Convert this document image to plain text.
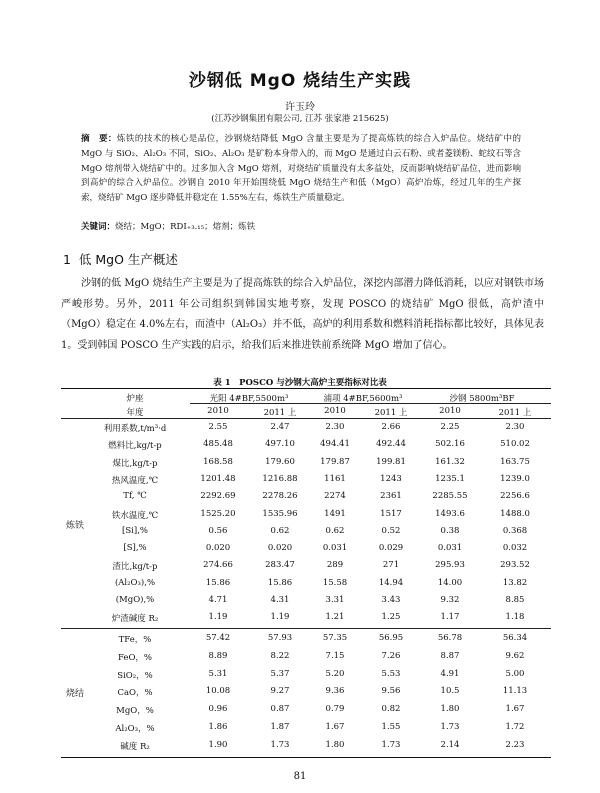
沙钢低 MgO 烧结生产实践
许玉玲
(江苏沙钢集团有限公司, 江苏 张家港 215625)
摘　要：炼铁的技术的核心是品位，沙钢烧结降低 MgO 含量主要是为了提高炼铁的综合入炉品位。烧结矿中的 MgO 与 SiO₂、Al₂O₃ 不同，SiO₂、Al₂O₃ 是矿粉本身带入的，而 MgO 是通过白云石粉、或者菱镁粉、蛇纹石等含 MgO 熔剂带入烧结矿中的。过多加入含 MgO 熔剂，对烧结矿质量没有太多益处，反而影响烧结矿品位，进而影响到高炉的综合入炉品位。沙钢自 2010 年开始围绕低 MgO 烧结生产和低（MgO）高炉冶炼，经过几年的生产探索，烧结矿 MgO 逐步降低并稳定在 1.55%左右，炼铁生产质量稳定。
关键词：烧结；MgO；RDI₊₃.₁₅；熔剂；炼铁
1 低 MgO 生产概述
沙钢的低 MgO 烧结生产主要是为了提高炼铁的综合入炉品位，深挖内部潜力降低消耗，以应对钢铁市场严峻形势。另外，2011 年公司组织到韩国实地考察，发现 POSCO 的烧结矿 MgO 很低，高炉渣中（MgO）稳定在 4.0%左右，而渣中（Al₂O₃）并不低，高炉的利用系数和燃料消耗指标都比较好，具体见表 1。受到韩国 POSCO 生产实践的启示，给我们后来推进铁前系统降 MgO 增加了信心。
表 1　POSCO 与沙钢大高炉主要指标对比表
炉座	光阳 4#BF,5500m³	浦项 4#BF,5600m³	沙钢 5800m³BF
年度	2010	2011 上	2010	2011 上	2010	2011 上
利用系数,t/m³·d	2.55	2.47	2.30	2.66	2.25	2.30
燃料比,kg/t-p	485.48	497.10	494.41	492.44	502.16	510.02
煤比,kg/t-p	168.58	179.60	179.87	199.81	161.32	163.75
热风温度,℃	1201.48	1216.88	1161	1243	1235.1	1239.0
Tf, ℃	2292.69	2278.26	2274	2361	2285.55	2256.6
铁水温度,℃	1525.20	1535.96	1491	1517	1493.6	1488.0
[Si],%	0.56	0.62	0.62	0.52	0.38	0.368
[S],%	0.020	0.020	0.031	0.029	0.031	0.032
渣比,kg/t-p	274.66	283.47	289	271	295.93	293.52
(Al₂O₃),%	15.86	15.86	15.58	14.94	14.00	13.82
(MgO),%	4.71	4.31	3.31	3.43	9.32	8.85
炉渣碱度 R₂	1.19	1.19	1.21	1.25	1.17	1.18
炼铁
TFe，%	57.42	57.93	57.35	56.95	56.78	56.34
FeO，%	8.89	8.22	7.15	7.26	8.87	9.62
SiO₂，%	5.31	5.37	5.20	5.53	4.91	5.00
CaO，%	10.08	9.27	9.36	9.56	10.5	11.13
MgO，%	0.96	0.87	0.79	0.82	1.80	1.67
Al₂O₃，%	1.86	1.87	1.67	1.55	1.73	1.72
碱度 R₂	1.90	1.73	1.80	1.73	2.14	2.23
烧结
81
